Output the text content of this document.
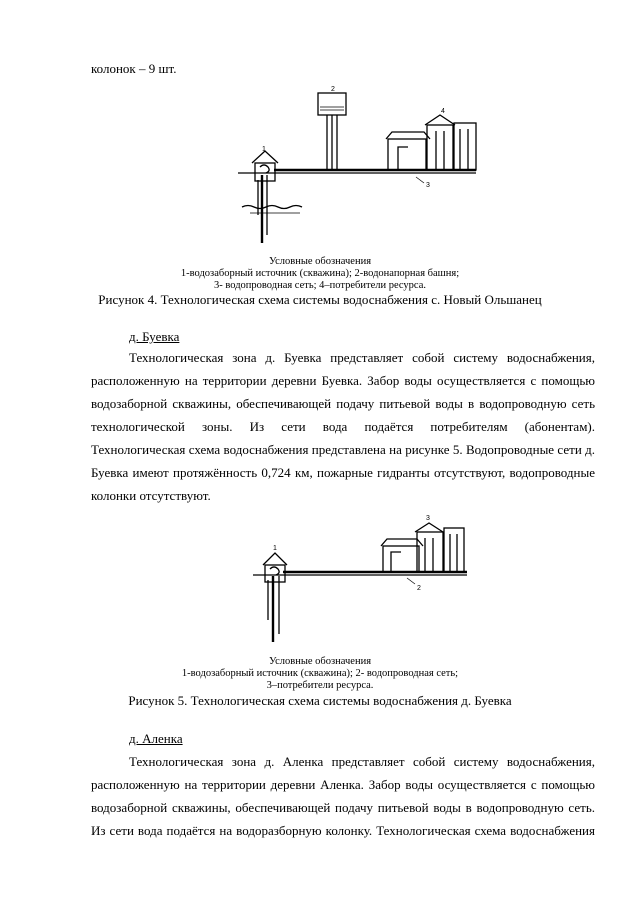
колонок – 9 шт.
1
2
3
4
Условные обозначения
1-водозаборный источник (скважина); 2-водонапорная башня;
3- водопроводная сеть; 4–потребители ресурса.
Рисунок 4. Технологическая схема системы водоснабжения с. Новый Ольшанец
д. Буевка
Технологическая зона д. Буевка представляет собой систему водоснабжения,
расположенную на территории деревни Буевка. Забор воды осуществляется с помощью
водозаборной скважины, обеспечивающей подачу питьевой воды в водопроводную сеть
технологической зоны. Из сети вода подаётся потребителям (абонентам).
Технологическая схема водоснабжения представлена на рисунке 5. Водопроводные сети д.
Буевка имеют протяжённость 0,724 км, пожарные гидранты отсутствуют, водопроводные
колонки отсутствуют.
1
2
3
Условные обозначения
1-водозаборный источник (скважина); 2- водопроводная сеть;
3–потребители ресурса.
Рисунок 5. Технологическая схема системы водоснабжения д. Буевка
д. Аленка
Технологическая зона д. Аленка представляет собой систему водоснабжения,
расположенную на территории деревни Аленка. Забор воды осуществляется с помощью
водозаборной скважины, обеспечивающей подачу питьевой воды в водопроводную сеть.
Из сети вода подаётся на водоразборную колонку. Технологическая схема водоснабжения
